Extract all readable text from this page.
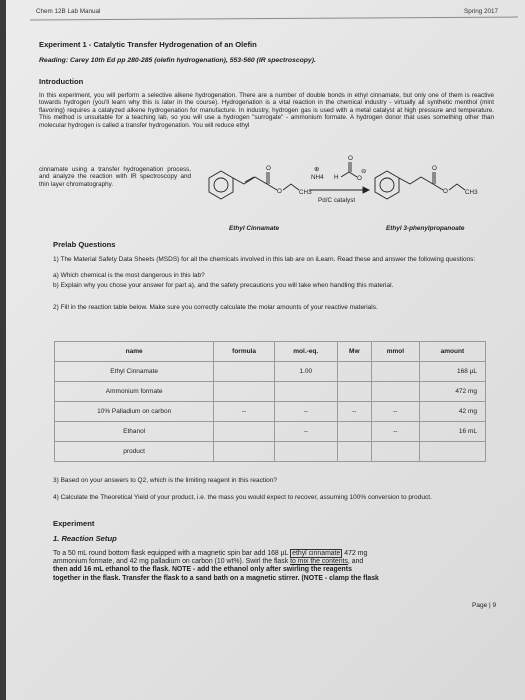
Chem 12B Lab Manual	Spring 2017
Experiment 1 - Catalytic Transfer Hydrogenation of an Olefin
Reading: Carey 10th Ed pp 280-285 (olefin hydrogenation), 553-560 (IR spectroscopy).
Introduction
In this experiment, you will perform a selective alkene hydrogenation. There are a number of double bonds in ethyl cinnamate, but only one of them is reactive towards hydrogen (you'll learn why this is later in the course). Hydrogenation is a vital reaction in the chemical industry - virtually all synthetic menthol (mint flavoring) requires a catalyzed alkene hydrogenation for manufacture. In industry, hydrogen gas is used with a metal catalyst at high pressure and temperature. This method is unsuitable for a teaching lab, so you will use a hydrogen "surrogate" - ammonium formate. A hydrogen donor that uses something other than molecular hydrogen is called a transfer hydrogenation. You will reduce ethyl
cinnamate using a transfer hydrogenation process, and analyze the reaction with IR spectroscopy and thin layer chromatography.
O
O	CH3
⊕
NH4 H
O
O
⊖
Pd/C catalyst
O
O	CH3
Ethyl Cinnamate	Ethyl 3-phenylpropanoate
Prelab Questions
1) The Material Safety Data Sheets (MSDS) for all the chemicals involved in this lab are on iLearn. Read these and answer the following questions:
a) Which chemical is the most dangerous in this lab?
b) Explain why you chose your answer for part a), and the safety precautions you will take when handling this material.
2) Fill in the reaction table below. Make sure you correctly calculate the molar amounts of your reactive materials.
name	formula	mol.-eq.	Mw	mmol	amount
Ethyl Cinnamate		1.00			168 µL
Ammonium formate					472 mg
10% Palladium on carbon	--	--	--	--	42 mg
Ethanol		--		--	16 mL
product					
3) Based on your answers to Q2, which is the limiting reagent in this reaction?
4) Calculate the Theoretical Yield of your product, i.e. the mass you would expect to recover, assuming 100% conversion to product.
Experiment
1. Reaction Setup
To a 50 mL round bottom flask equipped with a magnetic spin bar add 168 µL ethyl cinnamate 472 mg
ammonium formate, and 42 mg palladium on carbon (10 wt%). Swirl the flask to mix the contents, and
then add 16 mL ethanol to the flask. NOTE - add the ethanol only after swirling the reagents
together in the flask. Transfer the flask to a sand bath on a magnetic stirrer. (NOTE - clamp the flask
Page | 9
